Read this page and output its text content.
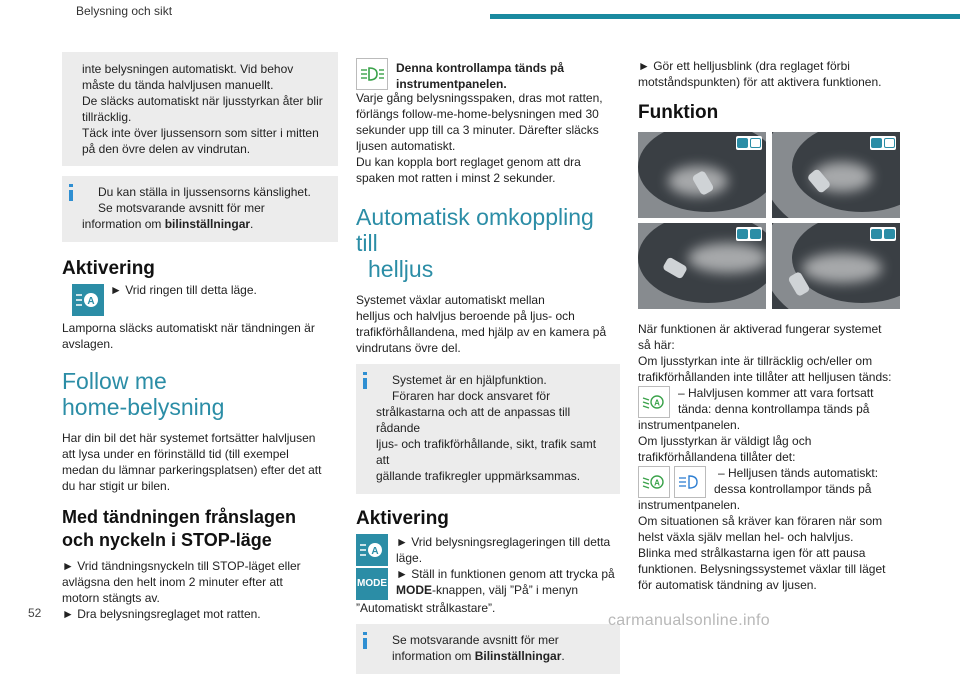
Belysning och sikt

inte belysningen automatiskt. Vid behov

måste du tända halvljusen manuellt.

De släcks automatiskt när ljusstyrkan åter blir

tillräcklig.

Täck inte över ljussensorn som sitter i mitten

på den övre delen av vindrutan.

Du kan ställa in ljussensorns känslighet.

Se motsvarande avsnitt för mer

information om bilinställningar.

Aktivering
A

► Vrid ringen till detta läge.

Lamporna släcks automatiskt när tändningen är

avslagen.

Follow me
home-belysning

Har din bil det här systemet fortsätter halvljusen

att lysa under en förinställd tid (till exempel

medan du lämnar parkeringsplatsen) efter det att

du har stigit ur bilen.

Med tändningen frånslagen
och nyckeln i STOP-läge

► Vrid tändningsnyckeln till STOP-läget eller

avlägsna den helt inom 2 minuter efter att

motorn stängts av.

► Dra belysningsreglaget mot ratten.

Denna kontrollampa tänds på

instrumentpanelen.

Varje gång belysningsspaken, dras mot ratten,

förlängs follow-me-home-belysningen med 30

sekunder upp till ca 3 minuter. Därefter släcks

ljusen automatiskt.

Du kan koppla bort reglaget genom att dra

spaken mot ratten i minst 2 sekunder.

Automatisk omkoppling till
helljus

Systemet växlar automatiskt mellan

helljus och halvljus beroende på ljus- och

trafikförhållandena, med hjälp av en kamera på

vindrutans övre del.

Systemet är en hjälpfunktion.

Föraren har dock ansvaret för

strålkastarna och att de anpassas till rådande

ljus- och trafikförhållande, sikt, trafik samt att

gällande trafikregler uppmärksammas.

Aktivering
A
MODE

► Vrid belysningsreglageringen till detta

läge.

► Ställ in funktionen genom att trycka på

MODE-knappen, välj ”På” i menyn

”Automatiskt strålkastare”.

Se motsvarande avsnitt för mer

information om Bilinställningar.

► Gör ett helljusblink (dra reglaget förbi

motståndspunkten) för att aktivera funktionen.

Funktion

När funktionen är aktiverad fungerar systemet

så här:

Om ljusstyrkan inte är tillräcklig och/eller om

trafikförhållanden inte tillåter att helljusen tänds:

A

– Halvljusen kommer att vara fortsatt

tända: denna kontrollampa tänds på

instrumentpanelen.

Om ljusstyrkan är väldigt låg och

trafikförhållandena tillåter det:

A

– Helljusen tänds automatiskt:

dessa kontrollampor tänds på

instrumentpanelen.

Om situationen så kräver kan föraren när som

helst växla själv mellan hel- och halvljus.

Blinka med strålkastarna igen för att pausa

funktionen. Belysningssystemet växlar till läget

för automatisk tändning av ljusen.

52	carmanualsonline.info
